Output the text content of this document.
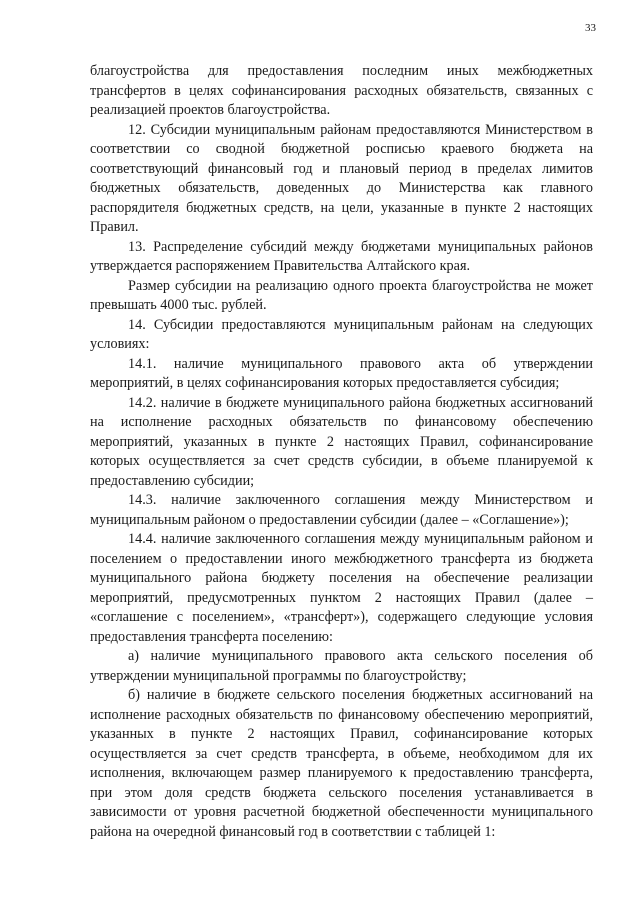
33

благоустройства для предоставления последним иных межбюджетных трансфертов в целях софинансирования расходных обязательств, связанных с реализацией проектов благоустройства.

12. Субсидии муниципальным районам предоставляются Министерством в соответствии со сводной бюджетной росписью краевого бюджета на соответствующий финансовый год и плановый период в пределах лимитов бюджетных обязательств, доведенных до Министерства как главного распорядителя бюджетных средств, на цели, указанные в пункте 2 настоящих Правил.

13. Распределение субсидий между бюджетами муниципальных районов утверждается распоряжением Правительства Алтайского края.

Размер субсидии на реализацию одного проекта благоустройства не может превышать 4000 тыс. рублей.

14. Субсидии предоставляются муниципальным районам на следующих условиях:

14.1. наличие муниципального правового акта об утверждении мероприятий, в целях софинансирования которых предоставляется субсидия;

14.2. наличие в бюджете муниципального района бюджетных ассигнований на исполнение расходных обязательств по финансовому обеспечению мероприятий, указанных в пункте 2 настоящих Правил, софинансирование которых осуществляется за счет средств субсидии, в объеме планируемой к предоставлению субсидии;

14.3. наличие заключенного соглашения между Министерством и муниципальным районом о предоставлении субсидии (далее – «Соглашение»);

14.4. наличие заключенного соглашения между муниципальным районом и поселением о предоставлении иного межбюджетного трансферта из бюджета муниципального района бюджету поселения на обеспечение реализации мероприятий, предусмотренных пунктом 2 настоящих Правил (далее – «соглашение с поселением», «трансферт»), содержащего следующие условия предоставления трансферта поселению:

а) наличие муниципального правового акта сельского поселения об утверждении муниципальной программы по благоустройству;

б) наличие в бюджете сельского поселения бюджетных ассигнований на исполнение расходных обязательств по финансовому обеспечению мероприятий, указанных в пункте 2 настоящих Правил, софинансирование которых осуществляется за счет средств трансферта, в объеме, необходимом для их исполнения, включающем размер планируемого к предоставлению трансферта, при этом доля средств бюджета сельского поселения устанавливается в зависимости от уровня расчетной бюджетной обеспеченности муниципального района на очередной финансовый год в соответствии с таблицей 1:
